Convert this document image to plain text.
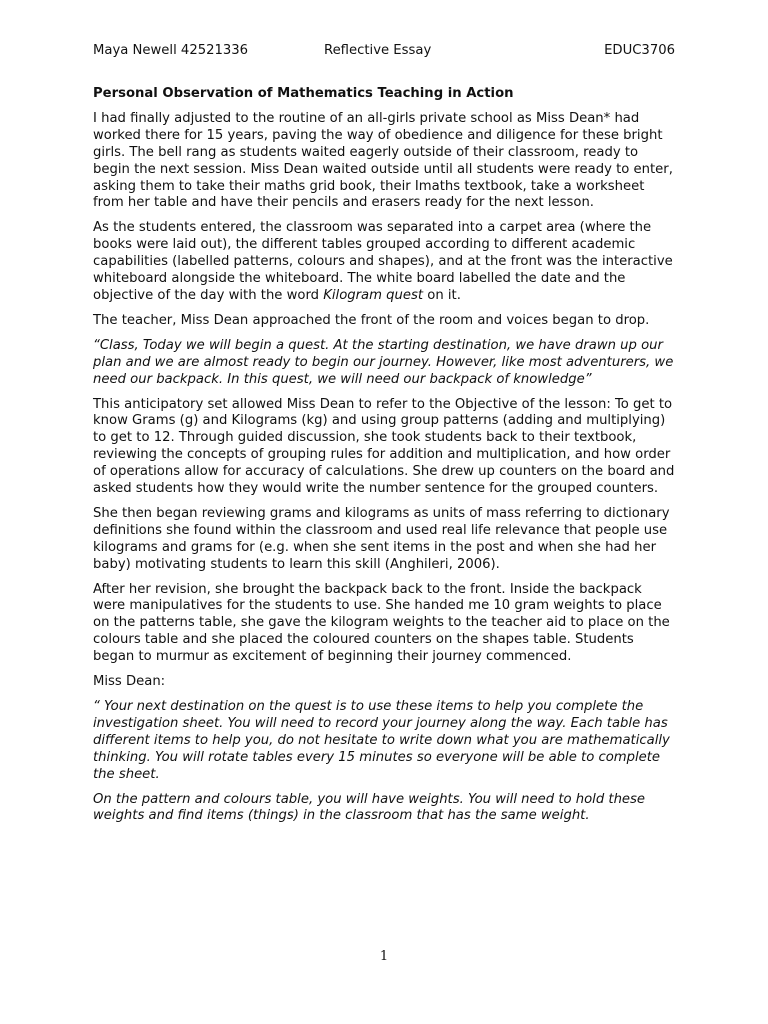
Maya Newell 42521336	Reflective Essay	EDUC3706

Personal Observation of Mathematics Teaching in Action

I had finally adjusted to the routine of an all-girls private school as Miss Dean* had worked there for 15 years, paving the way of obedience and diligence for these bright girls. The bell rang as students waited eagerly outside of their classroom, ready to begin the next session. Miss Dean waited outside until all students were ready to enter, asking them to take their maths grid book, their Imaths textbook, take a worksheet from her table and have their pencils and erasers ready for the next lesson.

As the students entered, the classroom was separated into a carpet area (where the books were laid out), the different tables grouped according to different academic capabilities (labelled patterns, colours and shapes), and at the front was the interactive whiteboard alongside the whiteboard. The white board labelled the date and the objective of the day with the word Kilogram quest on it.

The teacher, Miss Dean approached the front of the room and voices began to drop.

“Class, Today we will begin a quest. At the starting destination, we have drawn up our plan and we are almost ready to begin our journey. However, like most adventurers, we need our backpack. In this quest, we will need our backpack of knowledge”

This anticipatory set allowed Miss Dean to refer to the Objective of the lesson: To get to know Grams (g) and Kilograms (kg) and using group patterns (adding and multiplying) to get to 12. Through guided discussion, she took students back to their textbook, reviewing the concepts of grouping rules for addition and multiplication, and how order of operations allow for accuracy of calculations. She drew up counters on the board and asked students how they would write the number sentence for the grouped counters.

She then began reviewing grams and kilograms as units of mass referring to dictionary definitions she found within the classroom and used real life relevance that people use kilograms and grams for (e.g. when she sent items in the post and when she had her baby) motivating students to learn this skill (Anghileri, 2006).

After her revision, she brought the backpack back to the front. Inside the backpack were manipulatives for the students to use. She handed me 10 gram weights to place on the patterns table, she gave the kilogram weights to the teacher aid to place on the colours table and she placed the coloured counters on the shapes table. Students began to murmur as excitement of beginning their journey commenced.

Miss Dean:

“ Your next destination on the quest is to use these items to help you complete the investigation sheet. You will need to record your journey along the way. Each table has different items to help you, do not hesitate to write down what you are mathematically thinking. You will rotate tables every 15 minutes so everyone will be able to complete the sheet.

On the pattern and colours table, you will have weights. You will need to hold these weights and find items (things) in the classroom that has the same weight.

1
